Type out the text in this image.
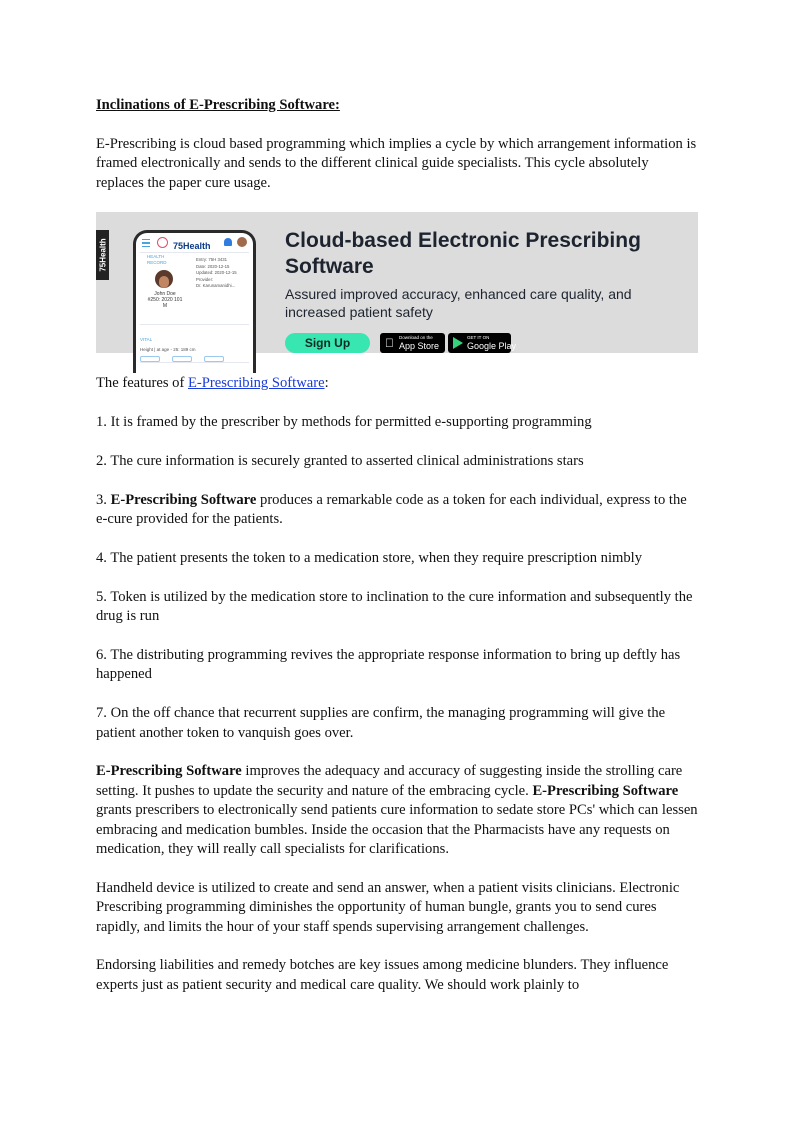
Inclinations of E-Prescribing Software:

E-Prescribing is cloud based programming which implies a cycle by which arrangement information is framed electronically and sends to the different clinical guide specialists. This cycle absolutely replaces the paper cure usage.

75Health	75Health
HEALTH RECORD
John Doe
#250: 2020 101
M
Entry: 75H 3431
Date: 2020-12-15
Updated: 2020-12-15
Provider:
Dr. Karunamanidhi...
VITAL
Height | at age - 25: 189 cm
Cloud-based Electronic Prescribing Software
Assured improved accuracy, enhanced care quality, and increased patient safety
Sign Up	Download on the
App Store
GET IT ON
Google Play

The features of E-Prescribing Software:

1. It is framed by the prescriber by methods for permitted e-supporting programming

2. The cure information is securely granted to asserted clinical administrations stars

3. E-Prescribing Software produces a remarkable code as a token for each individual, express to the e-cure provided for the patients.

4. The patient presents the token to a medication store, when they require prescription nimbly

5. Token is utilized by the medication store to inclination to the cure information and subsequently the drug is run

6. The distributing programming revives the appropriate response information to bring up deftly has happened

7. On the off chance that recurrent supplies are confirm, the managing programming will give the patient another token to vanquish goes over.

E-Prescribing Software improves the adequacy and accuracy of suggesting inside the strolling care setting. It pushes to update the security and nature of the embracing cycle. E-Prescribing Software grants prescribers to electronically send patients cure information to sedate store PCs' which can lessen embracing and medication bumbles. Inside the occasion that the Pharmacists have any requests on medication, they will really call specialists for clarifications.

Handheld device is utilized to create and send an answer, when a patient visits clinicians. Electronic Prescribing programming diminishes the opportunity of human bungle, grants you to send cures rapidly, and limits the hour of your staff spends supervising arrangement challenges.

Endorsing liabilities and remedy botches are key issues among medicine blunders. They influence experts just as patient security and medical care quality. We should work plainly to
